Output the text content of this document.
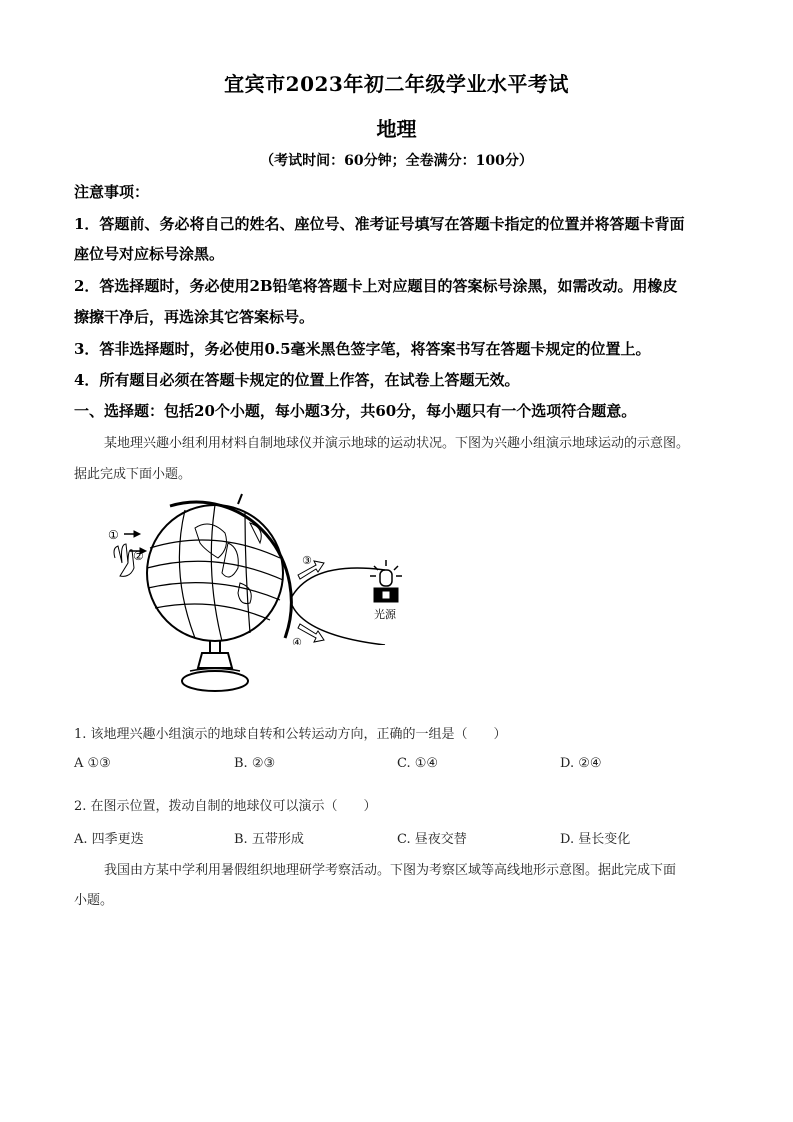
宜宾市2023年初二年级学业水平考试
地理
（考试时间：60分钟；全卷满分：100分）
注意事项：
1．答题前、务必将自己的姓名、座位号、准考证号填写在答题卡指定的位置并将答题卡背面
座位号对应标号涂黑。
2．答选择题时，务必使用2B铅笔将答题卡上对应题目的答案标号涂黑，如需改动。用橡皮
擦擦干净后，再选涂其它答案标号。
3．答非选择题时，务必使用0.5毫米黑色签字笔，将答案书写在答题卡规定的位置上。
4．所有题目必须在答题卡规定的位置上作答，在试卷上答题无效。
一、选择题：包括20个小题，每小题3分，共60分，每小题只有一个选项符合题意。
某地理兴趣小组利用材料自制地球仪并演示地球的运动状况。下图为兴趣小组演示地球运动的示意图。
据此完成下面小题。
①
②	③
④
光源
1. 该地理兴趣小组演示的地球自转和公转运动方向，正确的一组是（　　）
A ①③	B. ②③	C. ①④	D. ②④
2. 在图示位置，拨动自制的地球仪可以演示（　　）
A. 四季更迭	B. 五带形成	C. 昼夜交替	D. 昼长变化
我国由方某中学利用暑假组织地理研学考察活动。下图为考察区域等高线地形示意图。据此完成下面
小题。
